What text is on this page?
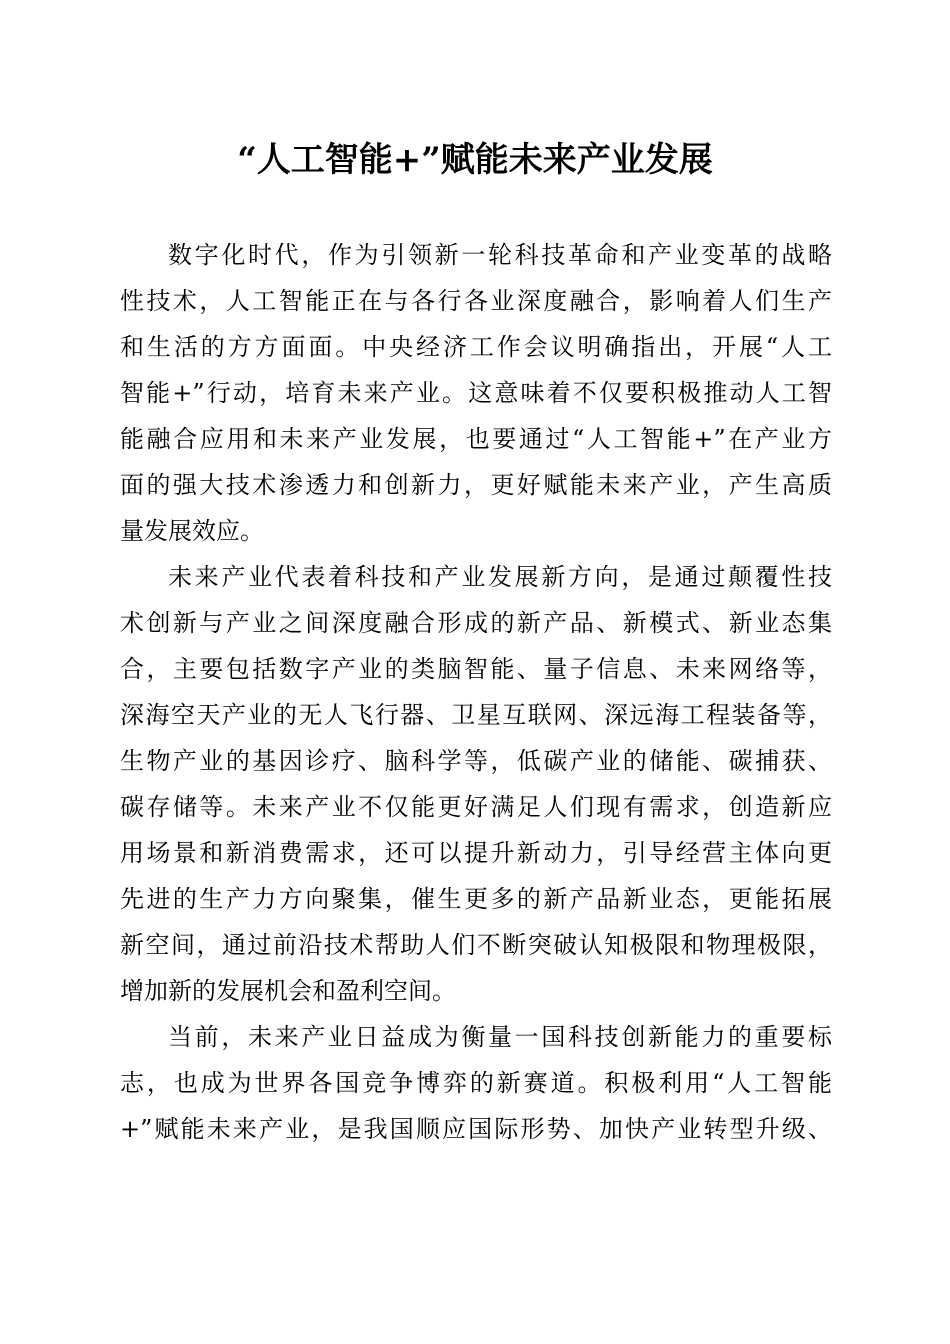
“人工智能+”赋能未来产业发展
数字化时代，作为引领新一轮科技革命和产业变革的战略
性技术，人工智能正在与各行各业深度融合，影响着人们生产
和生活的方方面面。中央经济工作会议明确指出，开展“人工
智能+”行动，培育未来产业。这意味着不仅要积极推动人工智
能融合应用和未来产业发展，也要通过“人工智能+”在产业方
面的强大技术渗透力和创新力，更好赋能未来产业，产生高质
量发展效应。
未来产业代表着科技和产业发展新方向，是通过颠覆性技
术创新与产业之间深度融合形成的新产品、新模式、新业态集
合，主要包括数字产业的类脑智能、量子信息、未来网络等，
深海空天产业的无人飞行器、卫星互联网、深远海工程装备等，
生物产业的基因诊疗、脑科学等，低碳产业的储能、碳捕获、
碳存储等。未来产业不仅能更好满足人们现有需求，创造新应
用场景和新消费需求，还可以提升新动力，引导经营主体向更
先进的生产力方向聚集，催生更多的新产品新业态，更能拓展
新空间，通过前沿技术帮助人们不断突破认知极限和物理极限，
增加新的发展机会和盈利空间。
当前，未来产业日益成为衡量一国科技创新能力的重要标
志，也成为世界各国竞争博弈的新赛道。积极利用“人工智能
+”赋能未来产业，是我国顺应国际形势、加快产业转型升级、
